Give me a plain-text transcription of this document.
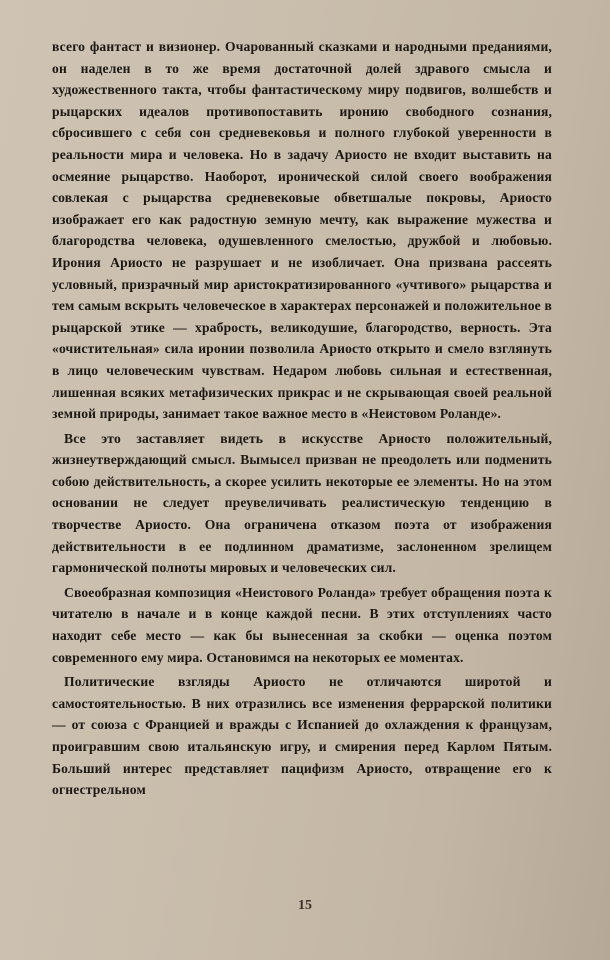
всего фантаст и визионер. Очарованный сказками и народными преданиями, он наделен в то же время достаточной долей здравого смысла и художественного такта, чтобы фантастическому миру подвигов, волшебств и рыцарских идеалов противопоставить иронию свободного сознания, сбросившего с себя сон средневековья и полного глубокой уверенности в реальности мира и человека. Но в задачу Ариосто не входит выставить на осмеяние рыцарство. Наоборот, иронической силой своего воображения совлекая с рыцарства средневековые обветшалые покровы, Ариосто изображает его как радостную земную мечту, как выражение мужества и благородства человека, одушевленного смелостью, дружбой и любовью. Ирония Ариосто не разрушает и не изобличает. Она призвана рассеять условный, призрачный мир аристократизированного «учтивого» рыцарства и тем самым вскрыть человеческое в характерах персонажей и положительное в рыцарской этике — храбрость, великодушие, благородство, верность. Эта «очистительная» сила иронии позволила Ариосто открыто и смело взглянуть в лицо человеческим чувствам. Недаром любовь сильная и естественная, лишенная всяких метафизических прикрас и не скрывающая своей реальной земной природы, занимает такое важное место в «Неистовом Роланде».

Все это заставляет видеть в искусстве Ариосто положительный, жизнеутверждающий смысл. Вымысел призван не преодолеть или подменить собою действительность, а скорее усилить некоторые ее элементы. Но на этом основании не следует преувеличивать реалистическую тенденцию в творчестве Ариосто. Она ограничена отказом поэта от изображения действительности в ее подлинном драматизме, заслоненном зрелищем гармонической полноты мировых и человеческих сил.

Своеобразная композиция «Неистового Роланда» требует обращения поэта к читателю в начале и в конце каждой песни. В этих отступлениях часто находит себе место — как бы вынесенная за скобки — оценка поэтом современного ему мира. Остановимся на некоторых ее моментах.

Политические взгляды Ариосто не отличаются широтой и самостоятельностью. В них отразились все изменения феррарской политики — от союза с Францией и вражды с Испанией до охлаждения к французам, проигравшим свою итальянскую игру, и смирения перед Карлом Пятым. Больший интерес представляет пацифизм Ариосто, отвращение его к огнестрельном

15
